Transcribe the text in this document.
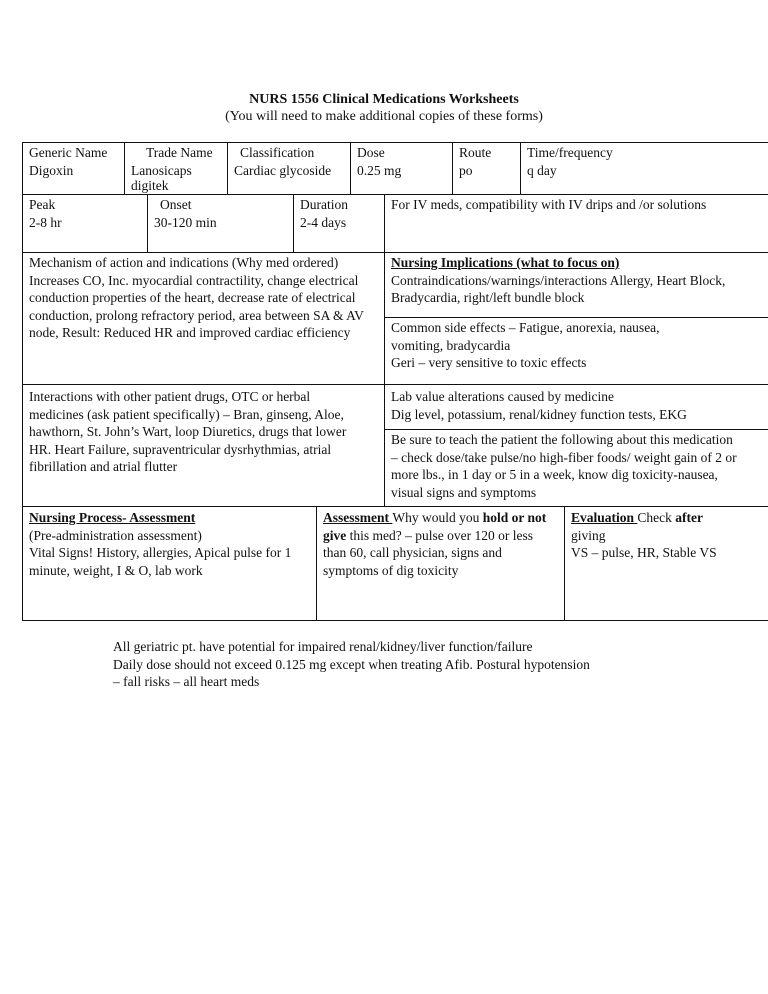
NURS 1556 Clinical Medications Worksheets
(You will need to make additional copies of these forms)
Generic Name
Digoxin
Trade Name
Lanosicaps
digitek
Classification
Cardiac glycoside
Dose
0.25 mg
Route
po
Time/frequency
q day
Peak
2-8 hr
Onset
30-120 min
Duration
2-4 days
For IV meds, compatibility with IV drips and /or solutions
Mechanism of action and indications (Why med ordered) Increases CO, Inc. myocardial contractility, change electrical conduction properties of the heart, decrease rate of electrical conduction, prolong refractory period, area between SA & AV node, Result: Reduced HR and improved cardiac efficiency
Nursing Implications (what to focus on)
Contraindications/warnings/interactions Allergy, Heart Block, Bradycardia, right/left bundle block
Common side effects – Fatigue, anorexia, nausea, vomiting, bradycardia
Geri – very sensitive to toxic effects
Interactions with other patient drugs, OTC or herbal medicines (ask patient specifically) – Bran, ginseng, Aloe, hawthorn, St. John’s Wart, loop Diuretics, drugs that lower HR. Heart Failure, supraventricular dysrhythmias, atrial fibrillation and atrial flutter
Lab value alterations caused by medicine
Dig level, potassium, renal/kidney function tests, EKG
Be sure to teach the patient the following about this medication – check dose/take pulse/no high-fiber foods/ weight gain of 2 or more lbs., in 1 day or 5 in a week, know dig toxicity-nausea, visual signs and symptoms
Nursing Process- Assessment
(Pre-administration assessment)
Vital Signs! History, allergies, Apical pulse for 1 minute, weight, I & O, lab work
Assessment Why would you hold or not give this med? – pulse over 120 or less than 60, call physician, signs and symptoms of dig toxicity
Evaluation Check after
giving
VS – pulse, HR, Stable VS
All geriatric pt. have potential for impaired renal/kidney/liver function/failure
Daily dose should not exceed 0.125 mg except when treating Afib. Postural hypotension
– fall risks – all heart meds
